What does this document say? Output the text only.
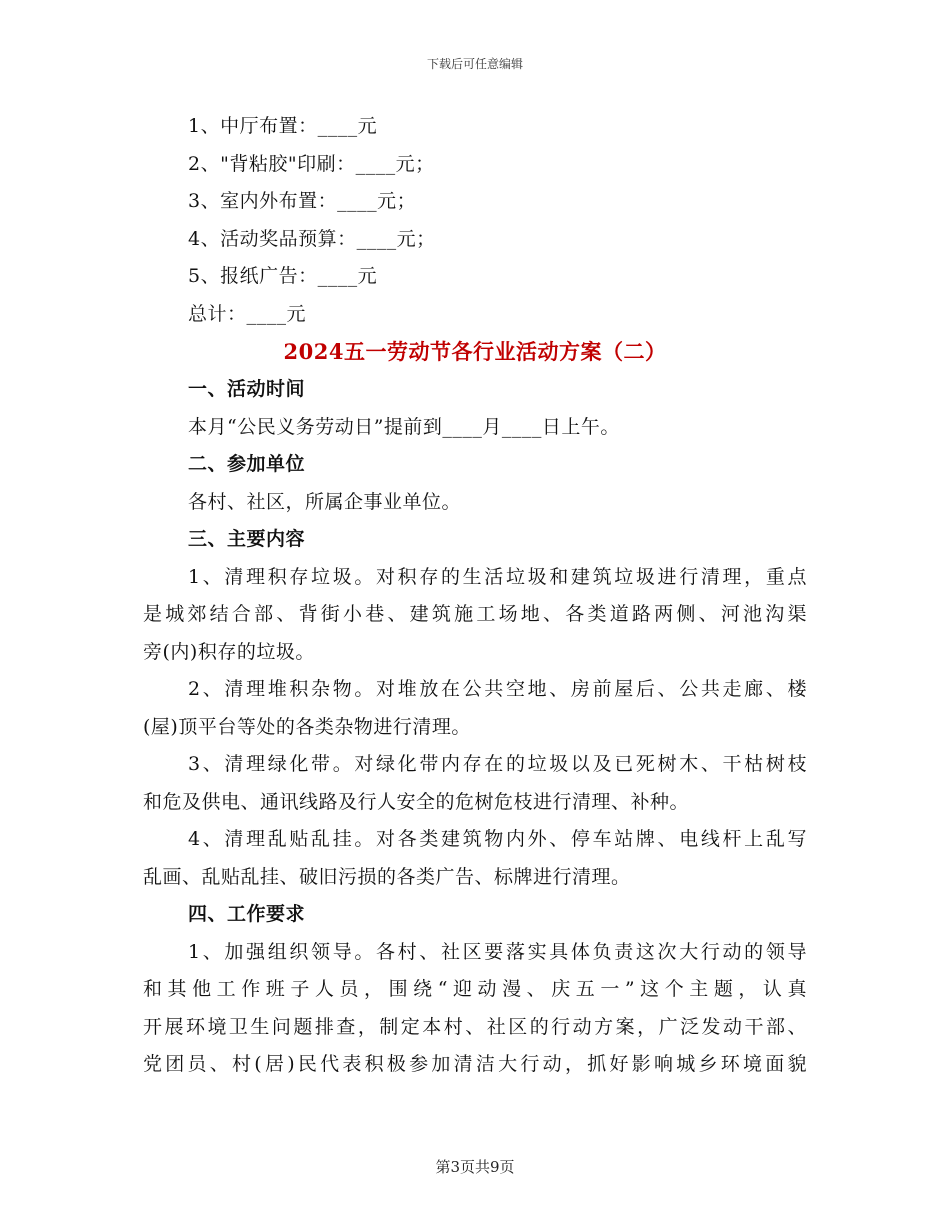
下载后可任意编辑
1、中厅布置：____元
2、"背粘胶"印刷：____元；
3、室内外布置：____元；
4、活动奖品预算：____元；
5、报纸广告：____元
总计：____元
2024五一劳动节各行业活动方案（二）
一、活动时间
本月“公民义务劳动日”提前到____月____日上午。
二、参加单位
各村、社区，所属企事业单位。
三、主要内容
1、清理积存垃圾。对积存的生活垃圾和建筑垃圾进行清理，重点
是城郊结合部、背街小巷、建筑施工场地、各类道路两侧、河池沟渠
旁(内)积存的垃圾。
2、清理堆积杂物。对堆放在公共空地、房前屋后、公共走廊、楼
(屋)顶平台等处的各类杂物进行清理。
3、清理绿化带。对绿化带内存在的垃圾以及已死树木、干枯树枝
和危及供电、通讯线路及行人安全的危树危枝进行清理、补种。
4、清理乱贴乱挂。对各类建筑物内外、停车站牌、电线杆上乱写
乱画、乱贴乱挂、破旧污损的各类广告、标牌进行清理。
四、工作要求
1、加强组织领导。各村、社区要落实具体负责这次大行动的领导
和其他工作班子人员，围绕“迎动漫、庆五一”这个主题，认真
开展环境卫生问题排查，制定本村、社区的行动方案，广泛发动干部、
党团员、村(居)民代表积极参加清洁大行动，抓好影响城乡环境面貌
第3页共9页
